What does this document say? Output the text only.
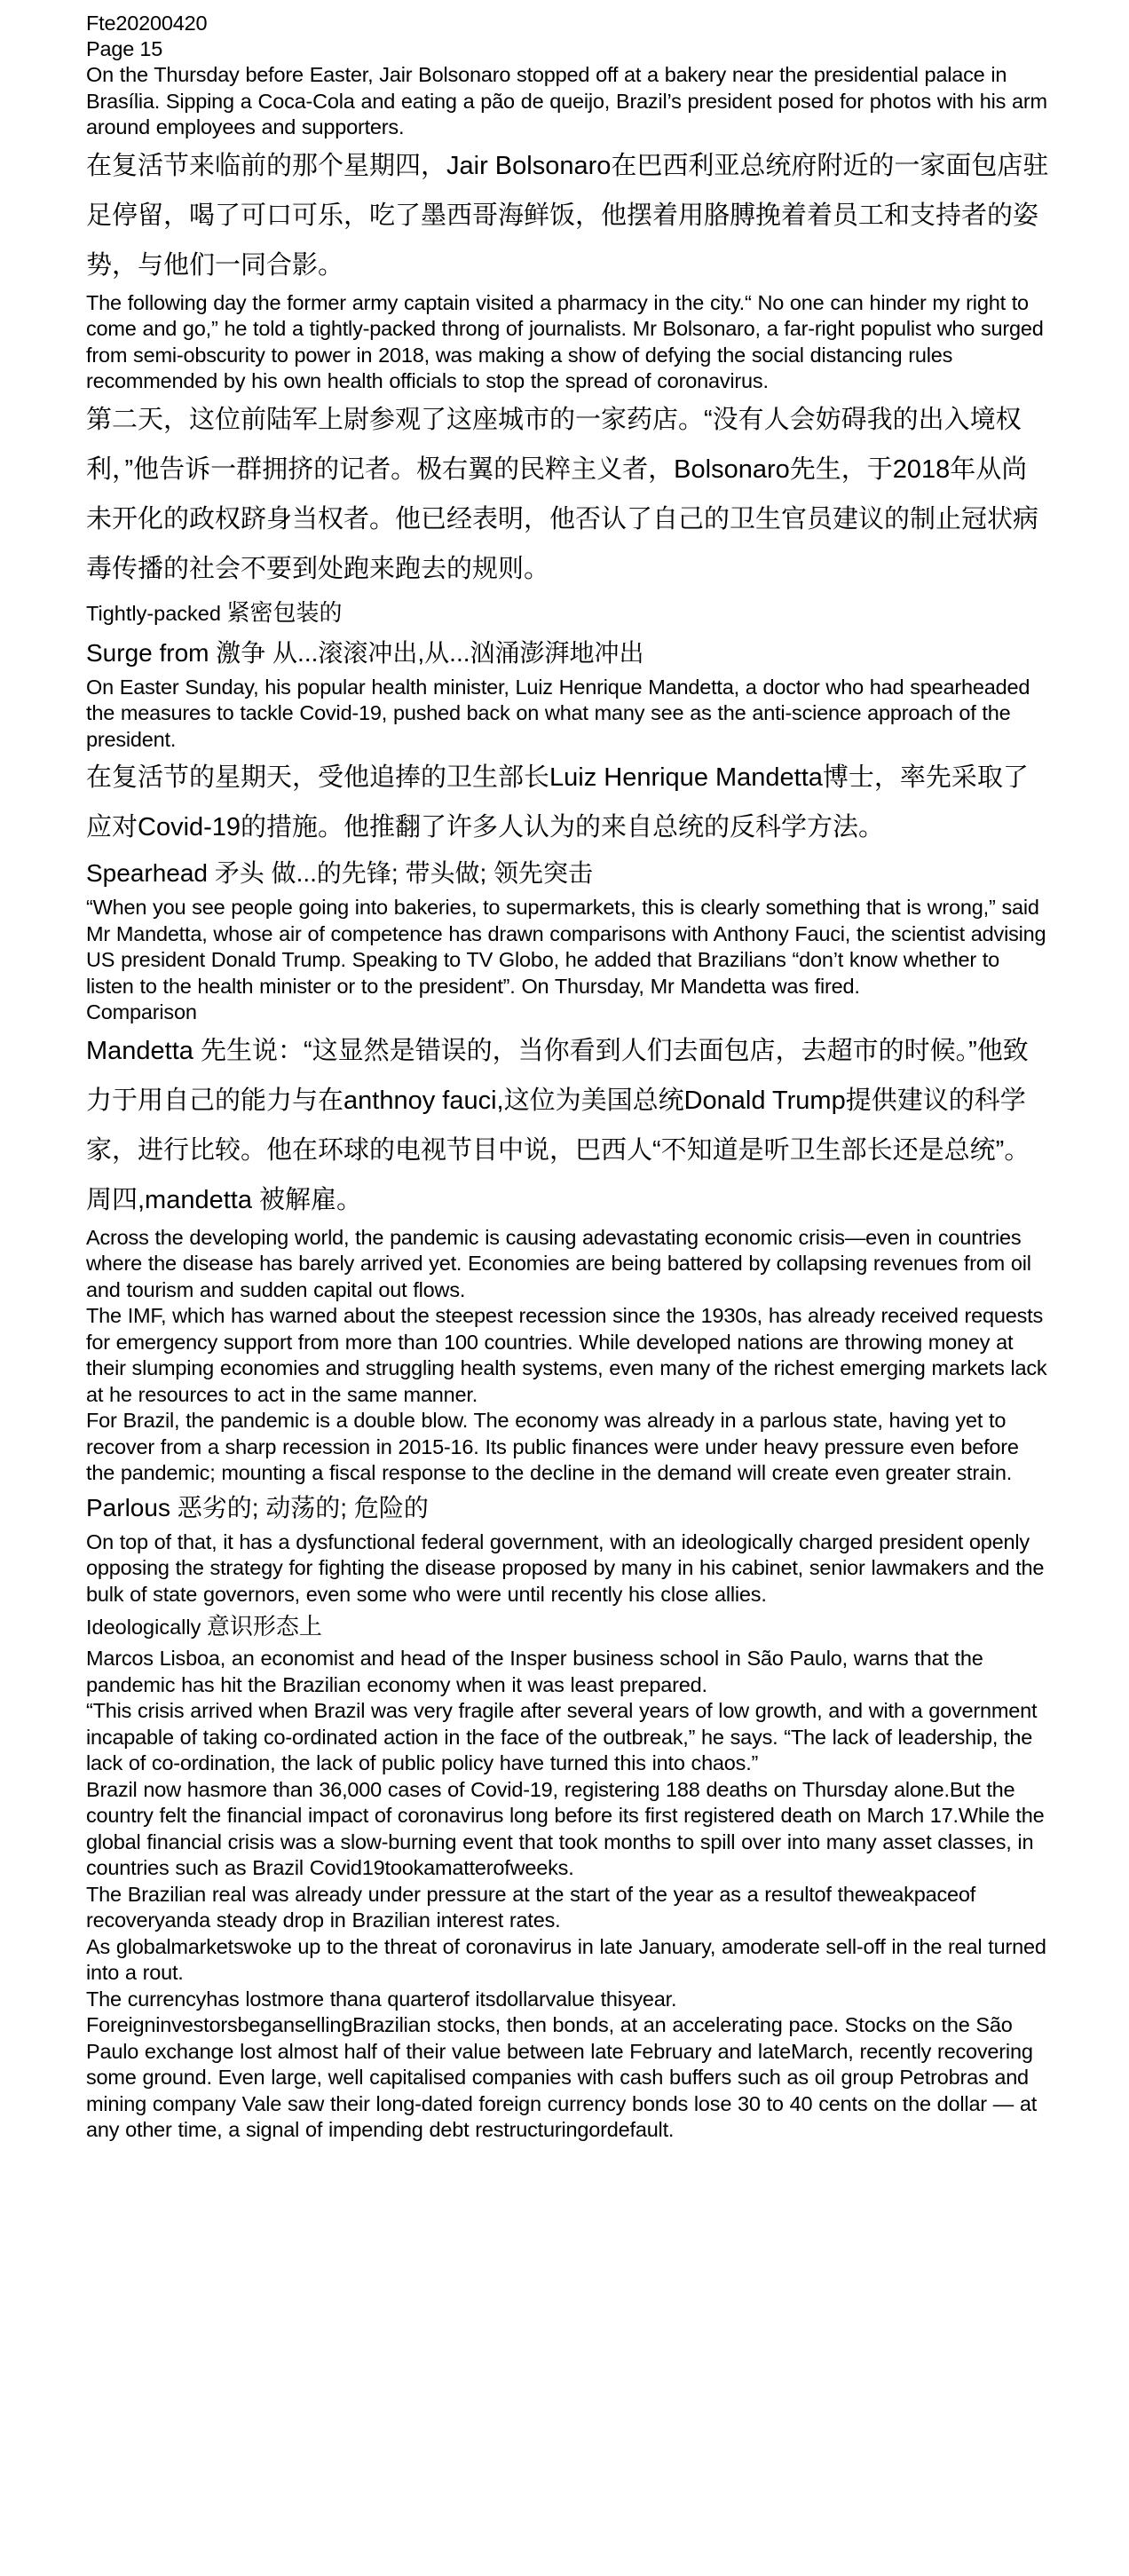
Fte20200420

Page 15

On the Thursday before Easter, Jair Bolsonaro stopped off at a bakery near the presidential palace in Brasília. Sipping a Coca-Cola and eating a pão de queijo, Brazil’s president posed for photos with his arm around employees and supporters.

在复活节来临前的那个星期四，Jair Bolsonaro在巴西利亚总统府附近的一家面包店驻足停留，喝了可口可乐，吃了墨西哥海鲜饭，他摆着用胳膊挽着着员工和支持者的姿势，与他们一同合影。

The following day the former army captain visited a pharmacy in the city.“ No one can hinder my right to come and go,” he told a tightly-packed throng of journalists. Mr Bolsonaro, a far-right populist who surged from semi-obscurity to power in 2018, was making a show of defying the social distancing rules recommended by his own health officials to stop the spread of coronavirus.

第二天，这位前陆军上尉参观了这座城市的一家药店。“没有人会妨碍我的出入境权利，”他告诉一群拥挤的记者。极右翼的民粹主义者，Bolsonaro先生，于2018年从尚未开化的政权跻身当权者。他已经表明，他否认了自己的卫生官员建议的制止冠状病毒传播的社会不要到处跑来跑去的规则。

Tightly-packed 紧密包装的

Surge from 激争 从...滚滚冲出,从...汹涌澎湃地冲出

On Easter Sunday, his popular health minister, Luiz Henrique Mandetta, a doctor who had spearheaded the measures to tackle Covid-19, pushed back on what many see as the anti-science approach of the president.

在复活节的星期天，受他追捧的卫生部长Luiz Henrique Mandetta博士，率先采取了应对Covid-19的措施。他推翻了许多人认为的来自总统的反科学方法。

Spearhead 矛头 做...的先锋; 带头做; 领先突击

“When you see people going into bakeries, to supermarkets, this is clearly something that is wrong,” said Mr Mandetta, whose air of competence has drawn comparisons with Anthony Fauci, the scientist advising US president Donald Trump. Speaking to TV Globo, he added that Brazilians “don’t know whether to listen to the health minister or to the president”. On Thursday, Mr Mandetta was fired.

Comparison

Mandetta 先生说：“这显然是错误的，当你看到人们去面包店，去超市的时候。”他致力于用自己的能力与在anthnoy fauci,这位为美国总统Donald Trump提供建议的科学家，进行比较。他在环球的电视节目中说，巴西人“不知道是听卫生部长还是总统”。周四,mandetta 被解雇。

Across the developing world, the pandemic is causing adevastating economic crisis—even in countries where the disease has barely arrived yet. Economies are being battered by collapsing revenues from oil and tourism and sudden capital out flows.

The IMF, which has warned about the steepest recession since the 1930s, has already received requests for emergency support from more than 100 countries. While developed nations are throwing money at their slumping economies and struggling health systems, even many of the richest emerging markets lack at he resources to act in the same manner.

For Brazil, the pandemic is a double blow. The economy was already in a parlous state, having yet to recover from a sharp recession in 2015-16. Its public finances were under heavy pressure even before the pandemic; mounting a fiscal response to the decline in the demand will create even greater strain.

Parlous 恶劣的; 动荡的; 危险的

On top of that, it has a dysfunctional federal government, with an ideologically charged president openly opposing the strategy for fighting the disease proposed by many in his cabinet, senior lawmakers and the bulk of state governors, even some who were until recently his close allies.

Ideologically 意识形态上

Marcos Lisboa, an economist and head of the Insper business school in São Paulo, warns that the pandemic has hit the Brazilian economy when it was least prepared.

“This crisis arrived when Brazil was very fragile after several years of low growth, and with a government incapable of taking co-ordinated action in the face of the outbreak,” he says. “The lack of leadership, the lack of co-ordination, the lack of public policy have turned this into chaos.”

Brazil now hasmore than 36,000 cases of Covid-19, registering 188 deaths on Thursday alone.But the country felt the financial impact of coronavirus long before its first registered death on March 17.While the global financial crisis was a slow-burning event that took months to spill over into many asset classes, in countries such as Brazil Covid19tookamatterofweeks.

The Brazilian real was already under pressure at the start of the year as a resultof theweakpaceof recoveryanda steady drop in Brazilian interest rates.

As globalmarketswoke up to the threat of coronavirus in late January, amoderate sell-off in the real turned into a rout.

The currencyhas lostmore thana quarterof itsdollarvalue thisyear.

ForeigninvestorsbegansellingBrazilian stocks, then bonds, at an accelerating pace. Stocks on the São Paulo exchange lost almost half of their value between late February and lateMarch, recently recovering some ground. Even large, well capitalised companies with cash buffers such as oil group Petrobras and mining company Vale saw their long-dated foreign currency bonds lose 30 to 40 cents on the dollar — at any other time, a signal of impending debt restructuringordefault.
